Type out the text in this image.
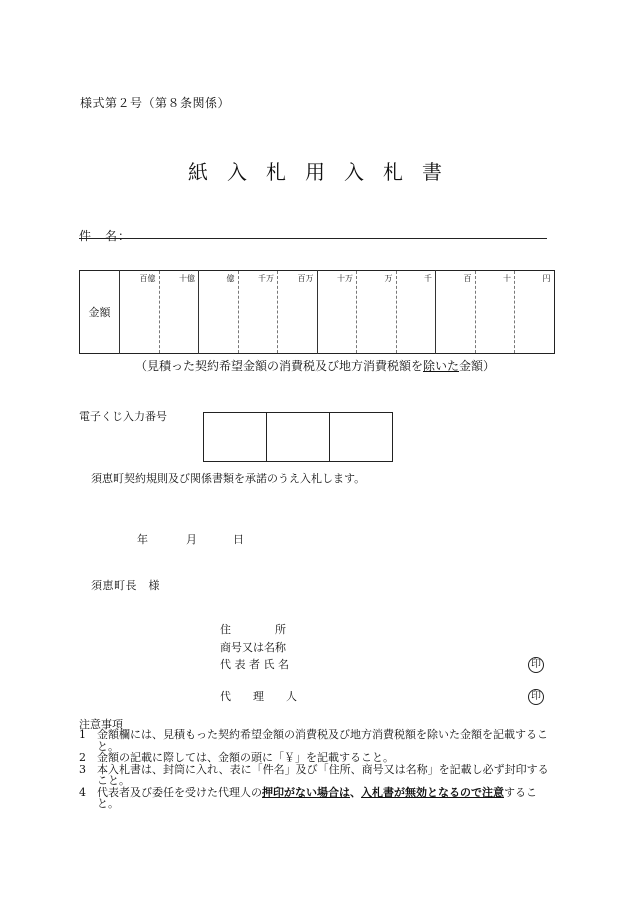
様式第２号（第８条関係）
紙入札用入札書
件　名：
金額	
百億	十億	億	千万	百万	十万	万	千	百	十	円
（見積った契約希望金額の消費税及び地方消費税額を除いた金額）
電子くじ入力番号
須恵町契約規則及び関係書類を承諾のうえ入札します。
年	月	日
須恵町長　様
住　　　　所
商号又は名称
代 表 者 氏 名	印
代　　理　　人	印
注意事項
1	金額欄には、見積もった契約希望金額の消費税及び地方消費税額を除いた金額を記載すること。
2	金額の記載に際しては、金額の頭に「￥」を記載すること。
3	本入札書は、封筒に入れ、表に「件名」及び「住所、商号又は名称」を記載し必ず封印すること。
4	代表者及び委任を受けた代理人の押印がない場合は、入札書が無効となるので注意すること。
